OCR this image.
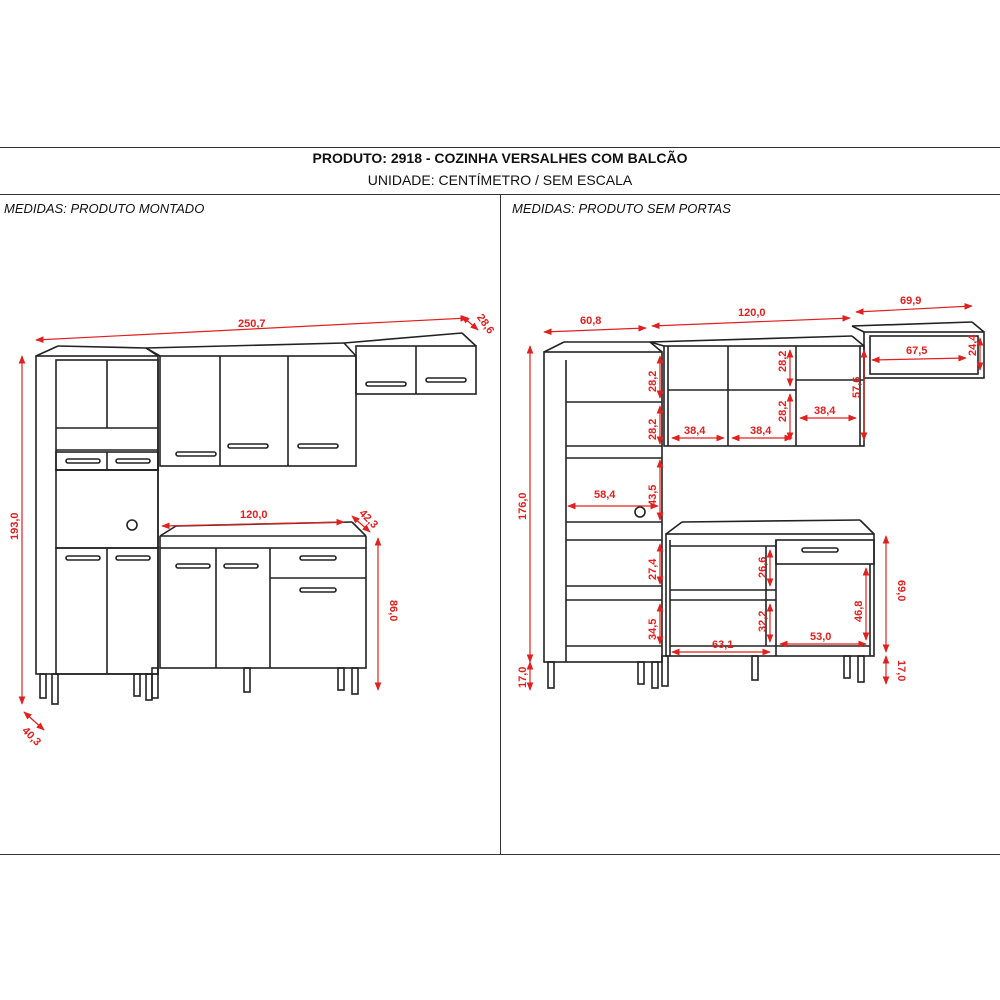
PRODUTO: 2918 - COZINHA VERSALHES COM BALCÃO
UNIDADE: CENTÍMETRO / SEM ESCALA
MEDIDAS: PRODUTO MONTADO	MEDIDAS: PRODUTO SEM PORTAS
250,7	28,6
193,0
40,3
120,0	42,3
86,0
60,8
120,0
69,9
67,5	24,4
176,0
17,0
28,2
28,2
58,4	43,5
27,4
34,5
28,2
28,2
38,4	38,4
38,4
57,6
26,6
32,2
63,1
53,0
46,8
69,0
17,0
